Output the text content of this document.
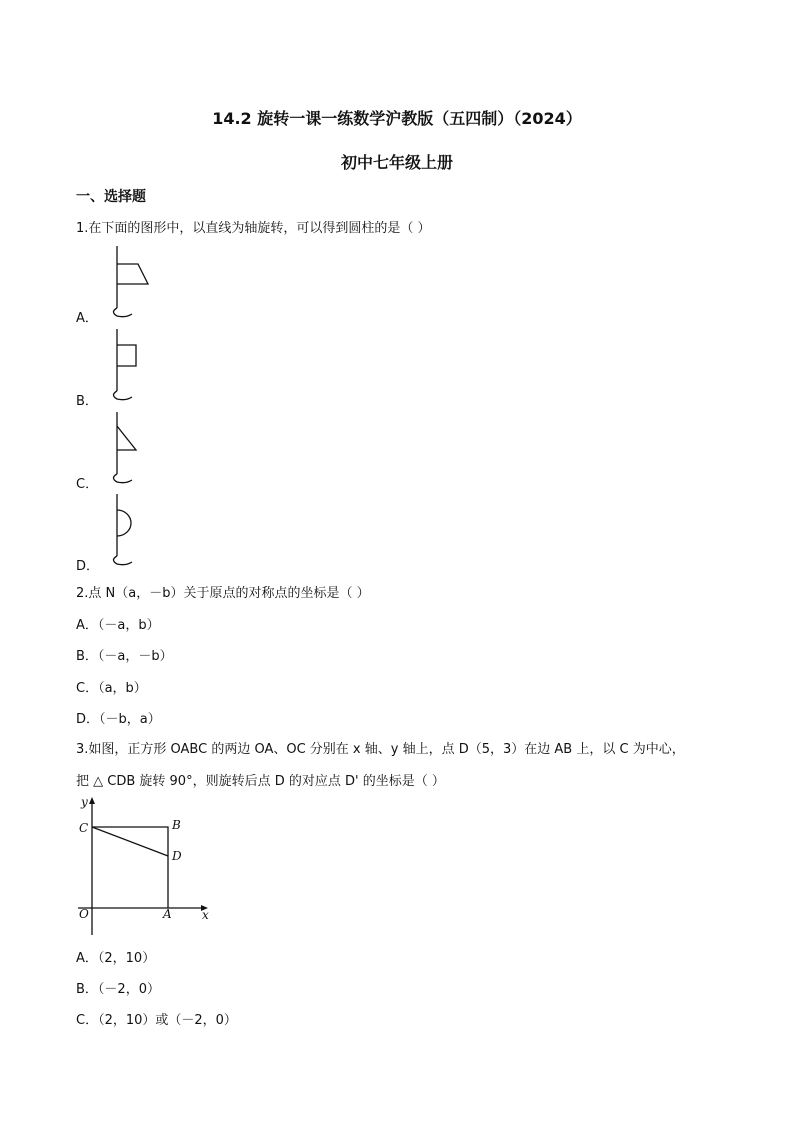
14.2 旋转一课一练数学沪教版（五四制）（2024）
初中七年级上册
一、选择题
1.在下面的图形中，以直线为轴旋转，可以得到圆柱的是（ ）
A．
B．
C．
D．
2.点 N（a，－b）关于原点的对称点的坐标是（ ）
A．（－a，b）
B．（－a，－b）
C．（a，b）
D．（－b，a）
3.如图，正方形 OABC 的两边 OA、OC 分别在 x 轴、y 轴上，点 D（5，3）在边 AB 上，以 C 为中心，
把 △ CDB 旋转 90°，则旋转后点 D 的对应点 D' 的坐标是（ ）
y
C	B
D
O	A	x
A．（2，10）
B．（－2，0）
C．（2，10）或（－2，0）
